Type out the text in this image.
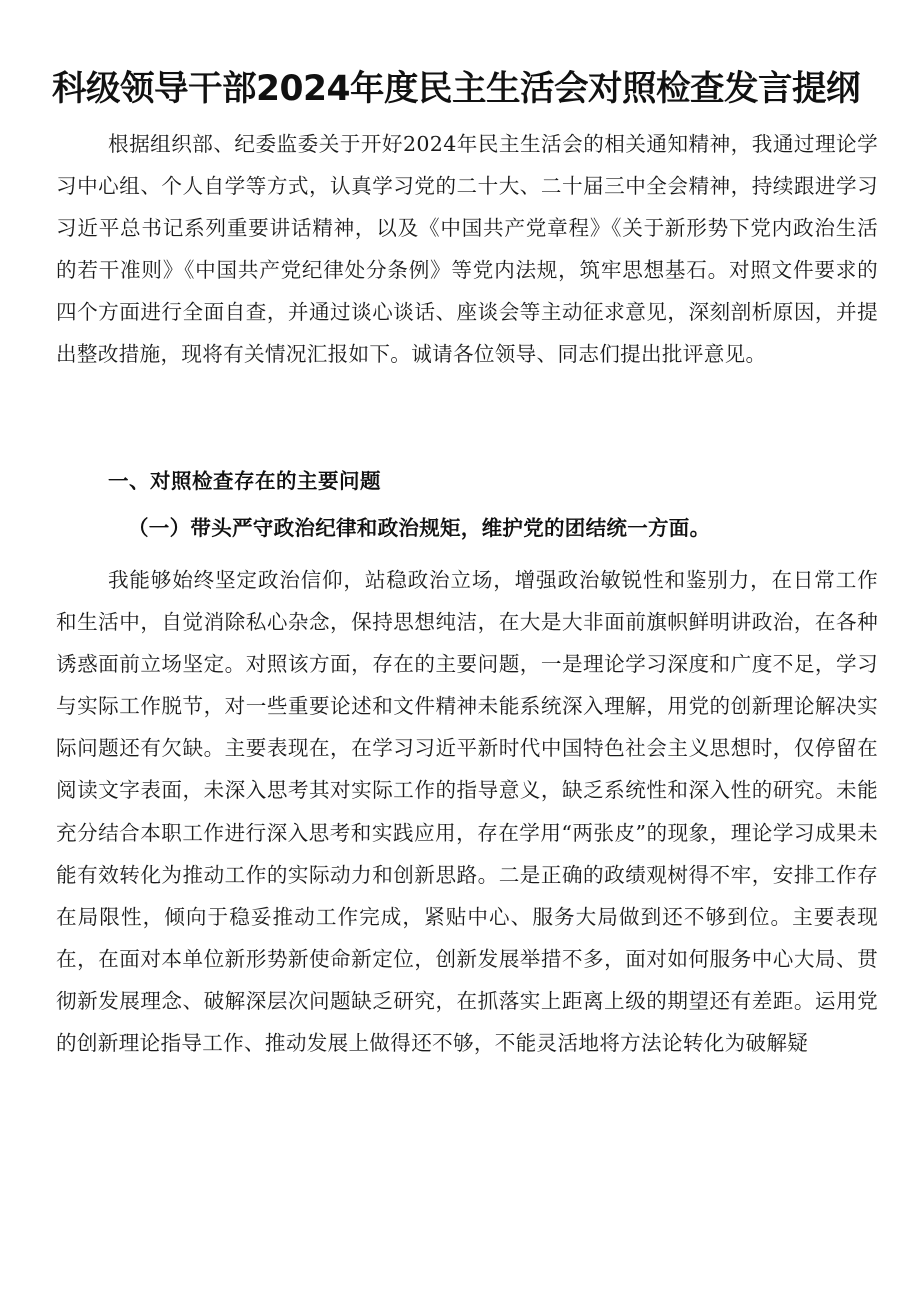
科级领导干部2024年度民主生活会对照检查发言提纲

根据组织部、纪委监委关于开好2024年民主生活会的相关通知精神，我通过理论学习中心组、个人自学等方式，认真学习党的二十大、二十届三中全会精神，持续跟进学习习近平总书记系列重要讲话精神，以及《中国共产党章程》《关于新形势下党内政治生活的若干准则》《中国共产党纪律处分条例》等党内法规，筑牢思想基石。对照文件要求的四个方面进行全面自查，并通过谈心谈话、座谈会等主动征求意见，深刻剖析原因，并提出整改措施，现将有关情况汇报如下。诚请各位领导、同志们提出批评意见。

一、对照检查存在的主要问题
（一）带头严守政治纪律和政治规矩，维护党的团结统一方面。

我能够始终坚定政治信仰，站稳政治立场，增强政治敏锐性和鉴别力，在日常工作和生活中，自觉消除私心杂念，保持思想纯洁，在大是大非面前旗帜鲜明讲政治，在各种诱惑面前立场坚定。对照该方面，存在的主要问题，一是理论学习深度和广度不足，学习与实际工作脱节，对一些重要论述和文件精神未能系统深入理解，用党的创新理论解决实际问题还有欠缺。主要表现在，在学习习近平新时代中国特色社会主义思想时，仅停留在阅读文字表面，未深入思考其对实际工作的指导意义，缺乏系统性和深入性的研究。未能充分结合本职工作进行深入思考和实践应用，存在学用“两张皮”的现象，理论学习成果未能有效转化为推动工作的实际动力和创新思路。二是正确的政绩观树得不牢，安排工作存在局限性，倾向于稳妥推动工作完成，紧贴中心、服务大局做到还不够到位。主要表现在，在面对本单位新形势新使命新定位，创新发展举措不多，面对如何服务中心大局、贯彻新发展理念、破解深层次问题缺乏研究，在抓落实上距离上级的期望还有差距。运用党的创新理论指导工作、推动发展上做得还不够，不能灵活地将方法论转化为破解疑
